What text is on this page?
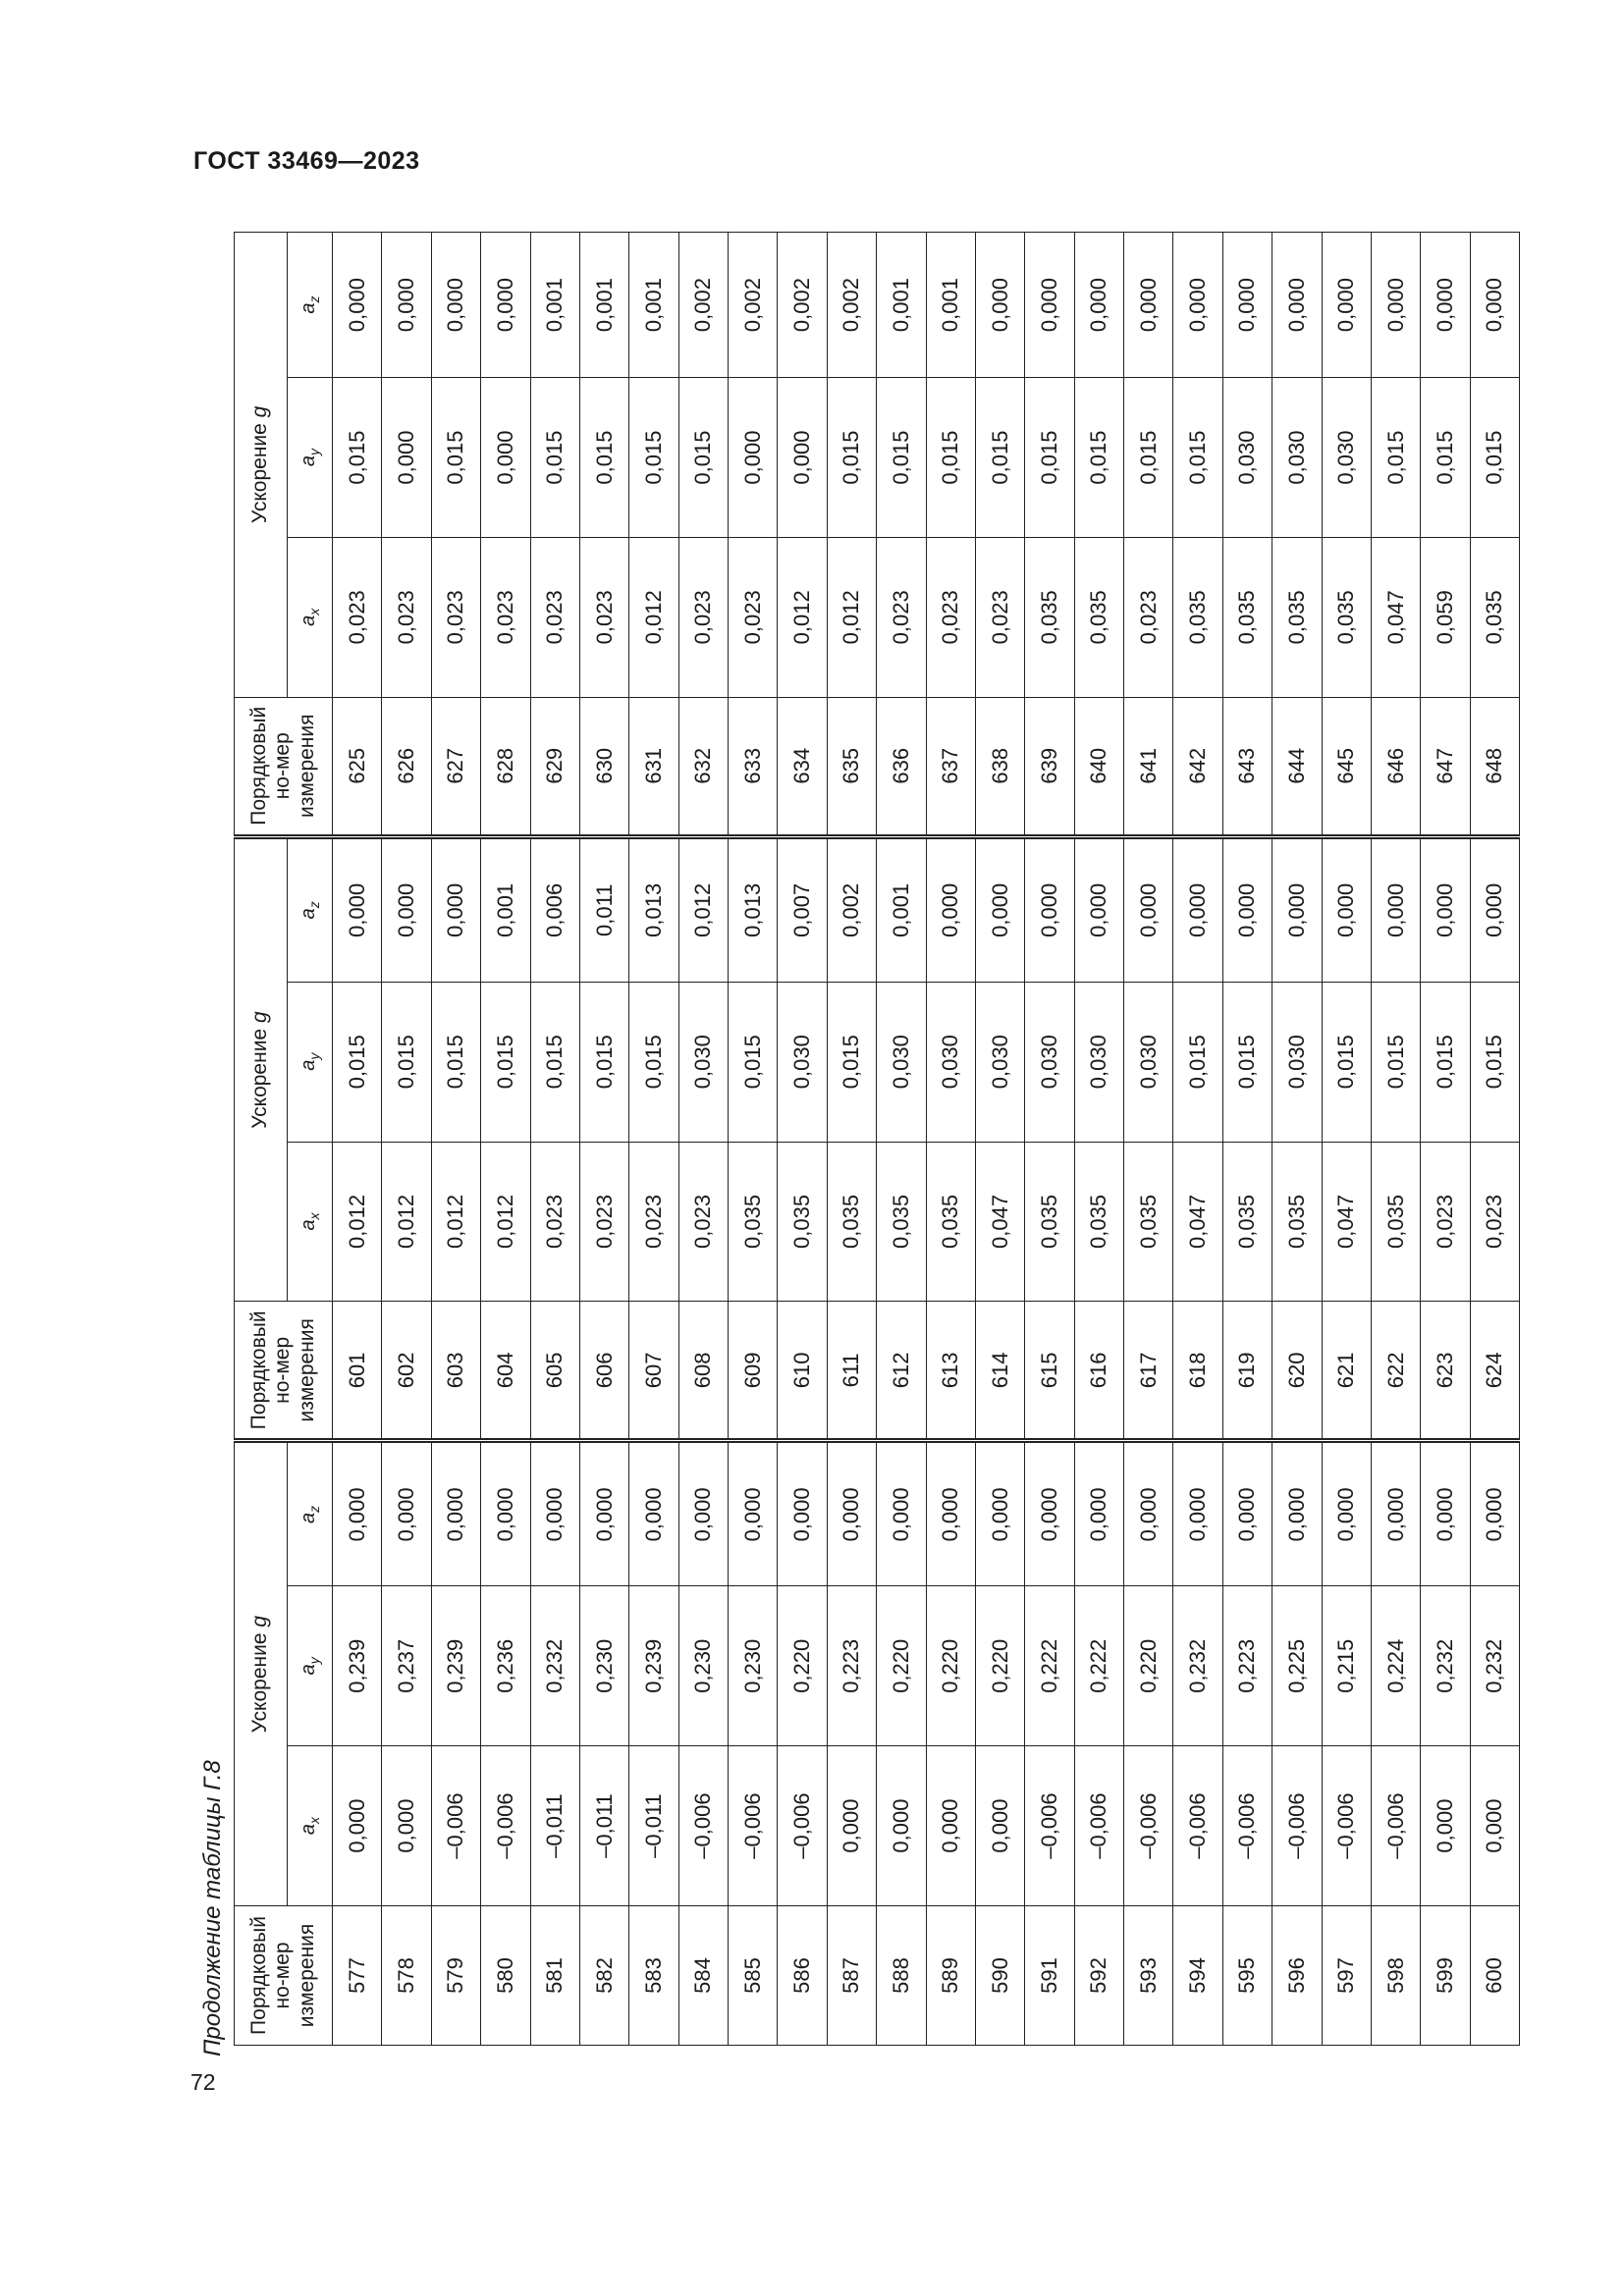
ГОСТ 33469—2023
Продолжение таблицы Г.8
72
Порядковый но-мер измерения	Ускорение g			Порядковый но-мер измерения	Ускорение g			Порядковый но-мер измерения	Ускорение g		
	$a_x$	$a_y$	$a_z$		$a_x$	$a_y$	$a_z$		$a_x$	$a_y$	$a_z$
577	0,000	0,239	0,000	601	0,012	0,015	0,000	625	0,023	0,015	0,000
578	0,000	0,237	0,000	602	0,012	0,015	0,000	626	0,023	0,000	0,000
579	–0,006	0,239	0,000	603	0,012	0,015	0,000	627	0,023	0,015	0,000
580	–0,006	0,236	0,000	604	0,012	0,015	0,001	628	0,023	0,000	0,000
581	–0,011	0,232	0,000	605	0,023	0,015	0,006	629	0,023	0,015	0,001
582	–0,011	0,230	0,000	606	0,023	0,015	0,011	630	0,023	0,015	0,001
583	–0,011	0,239	0,000	607	0,023	0,015	0,013	631	0,012	0,015	0,001
584	–0,006	0,230	0,000	608	0,023	0,030	0,012	632	0,023	0,015	0,002
585	–0,006	0,230	0,000	609	0,035	0,015	0,013	633	0,023	0,000	0,002
586	–0,006	0,220	0,000	610	0,035	0,030	0,007	634	0,012	0,000	0,002
587	0,000	0,223	0,000	611	0,035	0,015	0,002	635	0,012	0,015	0,002
588	0,000	0,220	0,000	612	0,035	0,030	0,001	636	0,023	0,015	0,001
589	0,000	0,220	0,000	613	0,035	0,030	0,000	637	0,023	0,015	0,001
590	0,000	0,220	0,000	614	0,047	0,030	0,000	638	0,023	0,015	0,000
591	–0,006	0,222	0,000	615	0,035	0,030	0,000	639	0,035	0,015	0,000
592	–0,006	0,222	0,000	616	0,035	0,030	0,000	640	0,035	0,015	0,000
593	–0,006	0,220	0,000	617	0,035	0,030	0,000	641	0,023	0,015	0,000
594	–0,006	0,232	0,000	618	0,047	0,015	0,000	642	0,035	0,015	0,000
595	–0,006	0,223	0,000	619	0,035	0,015	0,000	643	0,035	0,030	0,000
596	–0,006	0,225	0,000	620	0,035	0,030	0,000	644	0,035	0,030	0,000
597	–0,006	0,215	0,000	621	0,047	0,015	0,000	645	0,035	0,030	0,000
598	–0,006	0,224	0,000	622	0,035	0,015	0,000	646	0,047	0,015	0,000
599	0,000	0,232	0,000	623	0,023	0,015	0,000	647	0,059	0,015	0,000
600	0,000	0,232	0,000	624	0,023	0,015	0,000	648	0,035	0,015	0,000
